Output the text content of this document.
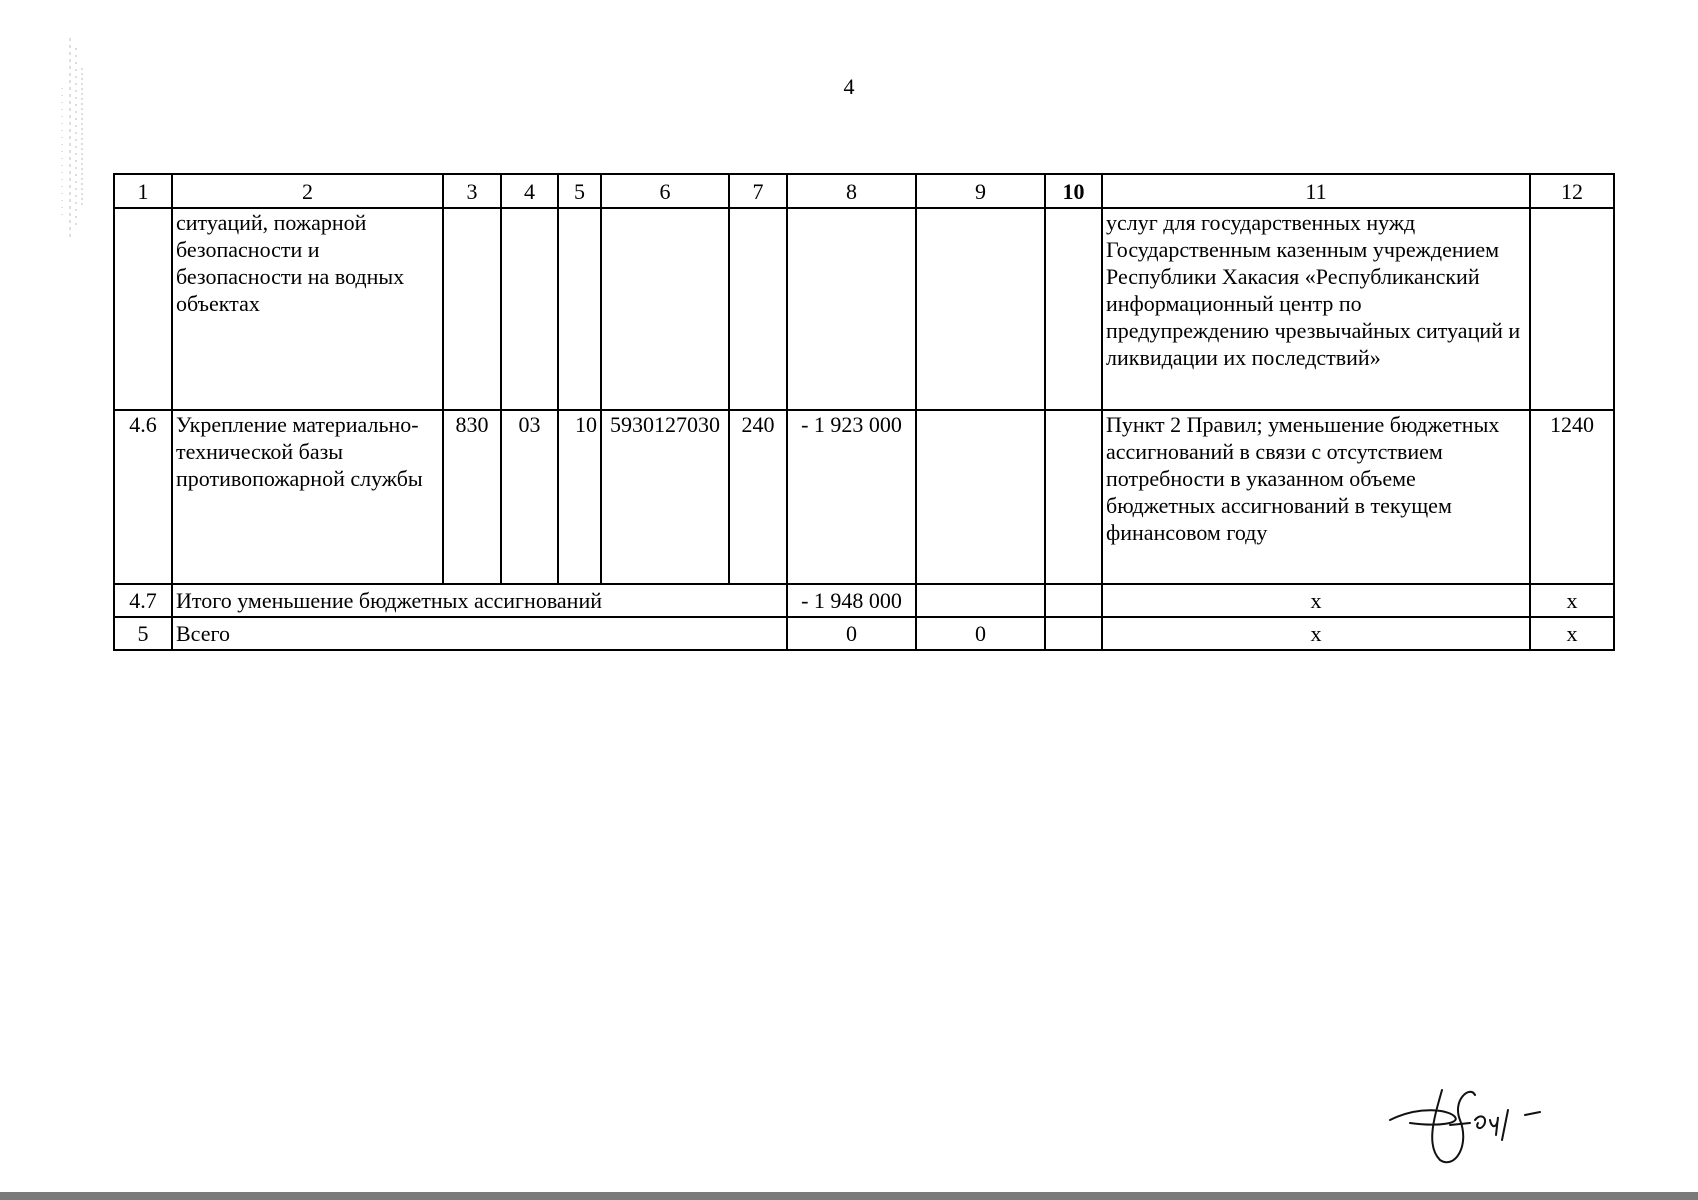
4
1	2	3	4	5	6	7	8	9	10	11	12
	ситуаций, пожарной безопасности и безопасности на водных объектах									услуг для государственных нужд Государственным казенным учреждением Республики Хакасия «Республиканский информационный центр по предупреждению чрезвычайных ситуаций и ликвидации их последствий»	
4.6	Укрепление материально-технической базы противопожарной службы	830	03	10	5930127030	240	- 1 923 000			Пункт 2 Правил; уменьшение бюджетных ассигнований в связи с отсутствием потребности в указанном объеме бюджетных ассигнований в текущем финансовом году	1240
4.7	Итого уменьшение бюджетных ассигнований						- 1 948 000			х	х
5	Всего						0	0		х	х
